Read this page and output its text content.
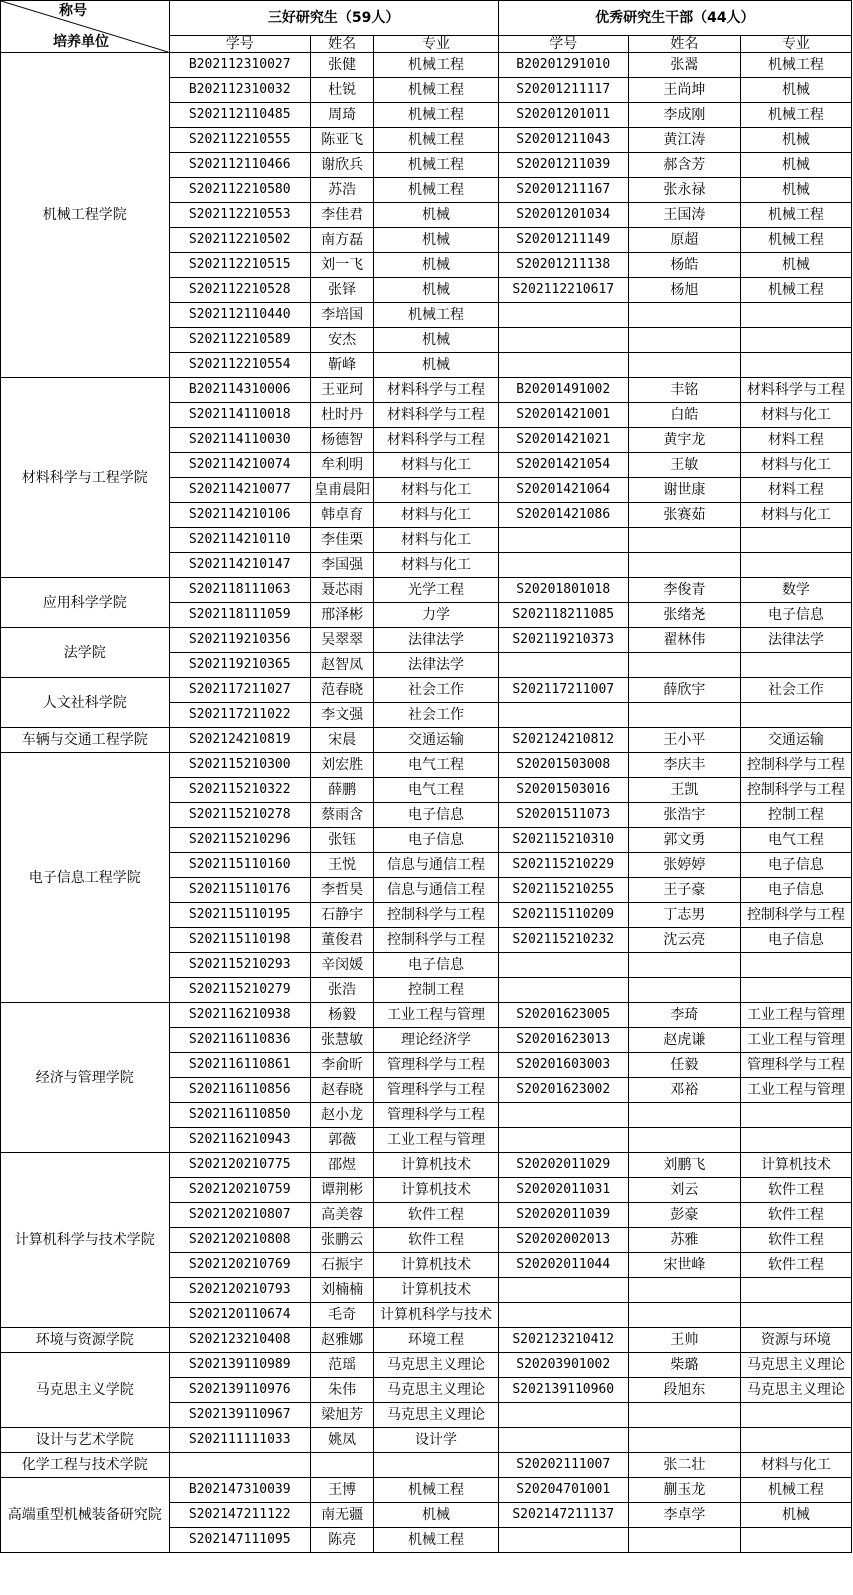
称号
培养单位	三好研究生（59人）			优秀研究生干部（44人）		
	学号	姓名	专业	学号	姓名	专业
机械工程学院	B202112310027	张健	机械工程	B20201291010	张翯	机械工程
	B202112310032	杜锐	机械工程	S20201211117	王尚坤	机械
	S202112110485	周琦	机械工程	S20201201011	李成刚	机械工程
	S202112210555	陈亚飞	机械工程	S20201211043	黄江涛	机械
	S202112110466	谢欣兵	机械工程	S20201211039	郝含芳	机械
	S202112210580	苏浩	机械工程	S20201211167	张永禄	机械
	S202112210553	李佳君	机械	S20201201034	王国涛	机械工程
	S202112210502	南方磊	机械	S20201211149	原超	机械工程
	S202112210515	刘一飞	机械	S20201211138	杨皓	机械
	S202112210528	张铎	机械	S202112210617	杨旭	机械工程
	S202112110440	李培国	机械工程			
	S202112210589	安杰	机械			
	S202112210554	靳峰	机械			
材料科学与工程学院	B202114310006	王亚珂	材料科学与工程	B20201491002	丰铭	材料科学与工程
	S202114110018	杜时丹	材料科学与工程	S20201421001	白皓	材料与化工
	S202114110030	杨德智	材料科学与工程	S20201421021	黄宇龙	材料工程
	S202114210074	牟利明	材料与化工	S20201421054	王敏	材料与化工
	S202114210077	皇甫晨阳	材料与化工	S20201421064	谢世康	材料工程
	S202114210106	韩卓育	材料与化工	S20201421086	张赛茹	材料与化工
	S202114210110	李佳栗	材料与化工			
	S202114210147	李国强	材料与化工			
应用科学学院	S202118111063	聂芯雨	光学工程	S20201801018	李俊青	数学
	S202118111059	邢泽彬	力学	S202118211085	张绪尧	电子信息
法学院	S202119210356	吴翠翠	法律法学	S202119210373	翟林伟	法律法学
	S202119210365	赵智凤	法律法学			
人文社科学院	S202117211027	范春晓	社会工作	S202117211007	薛欣宇	社会工作
	S202117211022	李文强	社会工作			
车辆与交通工程学院	S202124210819	宋晨	交通运输	S202124210812	王小平	交通运输
电子信息工程学院	S202115210300	刘宏胜	电气工程	S20201503008	李庆丰	控制科学与工程
	S202115210322	薛鹏	电气工程	S20201503016	王凯	控制科学与工程
	S202115210278	蔡雨含	电子信息	S20201511073	张浩宇	控制工程
	S202115210296	张钰	电子信息	S202115210310	郭文勇	电气工程
	S202115110160	王悦	信息与通信工程	S202115210229	张婷婷	电子信息
	S202115110176	李哲昊	信息与通信工程	S202115210255	王子豪	电子信息
	S202115110195	石静宇	控制科学与工程	S202115110209	丁志男	控制科学与工程
	S202115110198	董俊君	控制科学与工程	S202115210232	沈云亮	电子信息
	S202115210293	辛闵媛	电子信息			
	S202115210279	张浩	控制工程			
经济与管理学院	S202116210938	杨毅	工业工程与管理	S20201623005	李琦	工业工程与管理
	S202116110836	张慧敏	理论经济学	S20201623013	赵虎谦	工业工程与管理
	S202116110861	李俞昕	管理科学与工程	S20201603003	任毅	管理科学与工程
	S202116110856	赵春晓	管理科学与工程	S20201623002	邓裕	工业工程与管理
	S202116110850	赵小龙	管理科学与工程			
	S202116210943	郭薇	工业工程与管理			
计算机科学与技术学院	S202120210775	邵煜	计算机技术	S20202011029	刘鹏飞	计算机技术
	S202120210759	谭荆彬	计算机技术	S20202011031	刘云	软件工程
	S202120210807	高美蓉	软件工程	S20202011039	彭豪	软件工程
	S202120210808	张鹏云	软件工程	S20202002013	苏雅	软件工程
	S202120210769	石振宇	计算机技术	S20202011044	宋世峰	软件工程
	S202120210793	刘楠楠	计算机技术			
	S202120110674	毛奇	计算机科学与技术			
环境与资源学院	S202123210408	赵雅娜	环境工程	S202123210412	王帅	资源与环境
马克思主义学院	S202139110989	范瑶	马克思主义理论	S20203901002	柴璐	马克思主义理论
	S202139110976	朱伟	马克思主义理论	S202139110960	段旭东	马克思主义理论
	S202139110967	梁旭芳	马克思主义理论			
设计与艺术学院	S202111111033	姚凤	设计学			
化学工程与技术学院				S20202111007	张二壮	材料与化工
高端重型机械装备研究院	B202147310039	王博	机械工程	S20204701001	蒯玉龙	机械工程
	S202147211122	南无疆	机械	S202147211137	李卓学	机械
	S202147111095	陈亮	机械工程			
